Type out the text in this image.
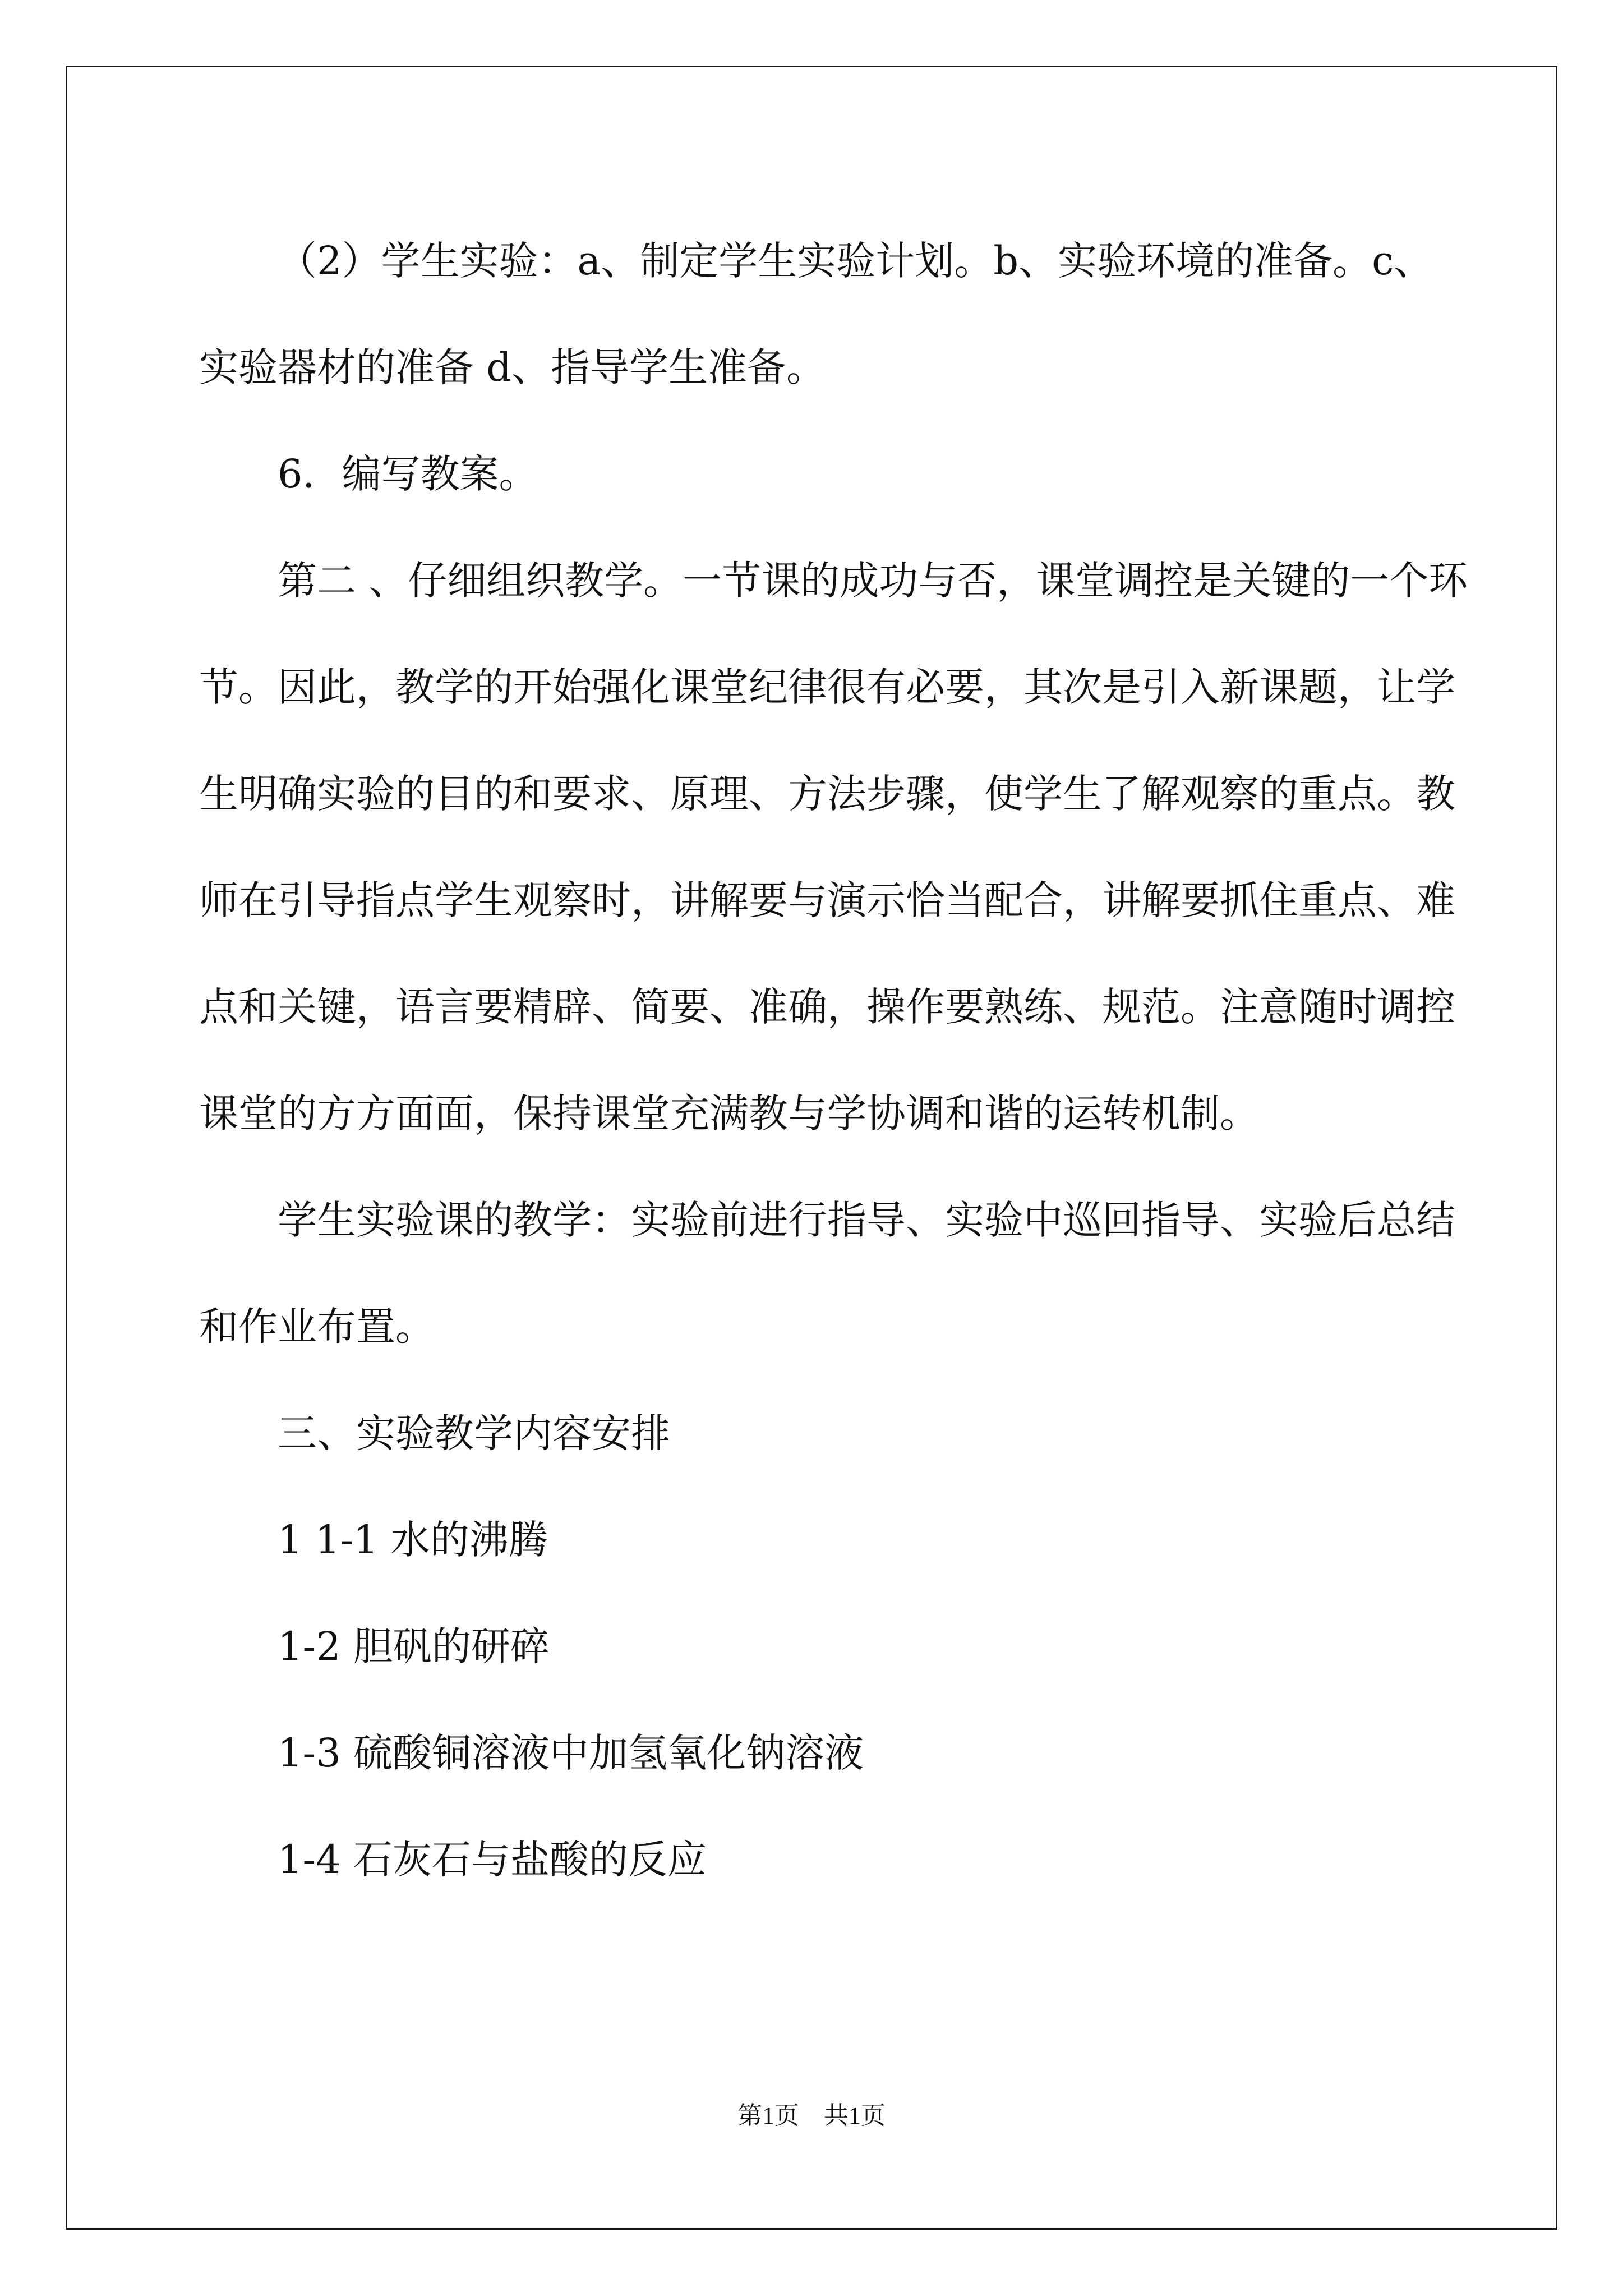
（2）学生实验：a、制定学生实验计划。b、实验环境的准备。c、实验器材的准备 d、指导学生准备。

6．编写教案。

第二 、仔细组织教学。一节课的成功与否，课堂调控是关键的一个环节。因此，教学的开始强化课堂纪律很有必要，其次是引入新课题，让学生明确实验的目的和要求、原理、方法步骤，使学生了解观察的重点。教师在引导指点学生观察时，讲解要与演示恰当配合，讲解要抓住重点、难点和关键，语言要精辟、简要、准确，操作要熟练、规范。注意随时调控课堂的方方面面，保持课堂充满教与学协调和谐的运转机制。

学生实验课的教学：实验前进行指导、实验中巡回指导、实验后总结和作业布置。

三、实验教学内容安排

1 1-1 水的沸腾

1-2 胆矾的研碎

1-3 硫酸铜溶液中加氢氧化钠溶液

1-4 石灰石与盐酸的反应

第1页　共1页
